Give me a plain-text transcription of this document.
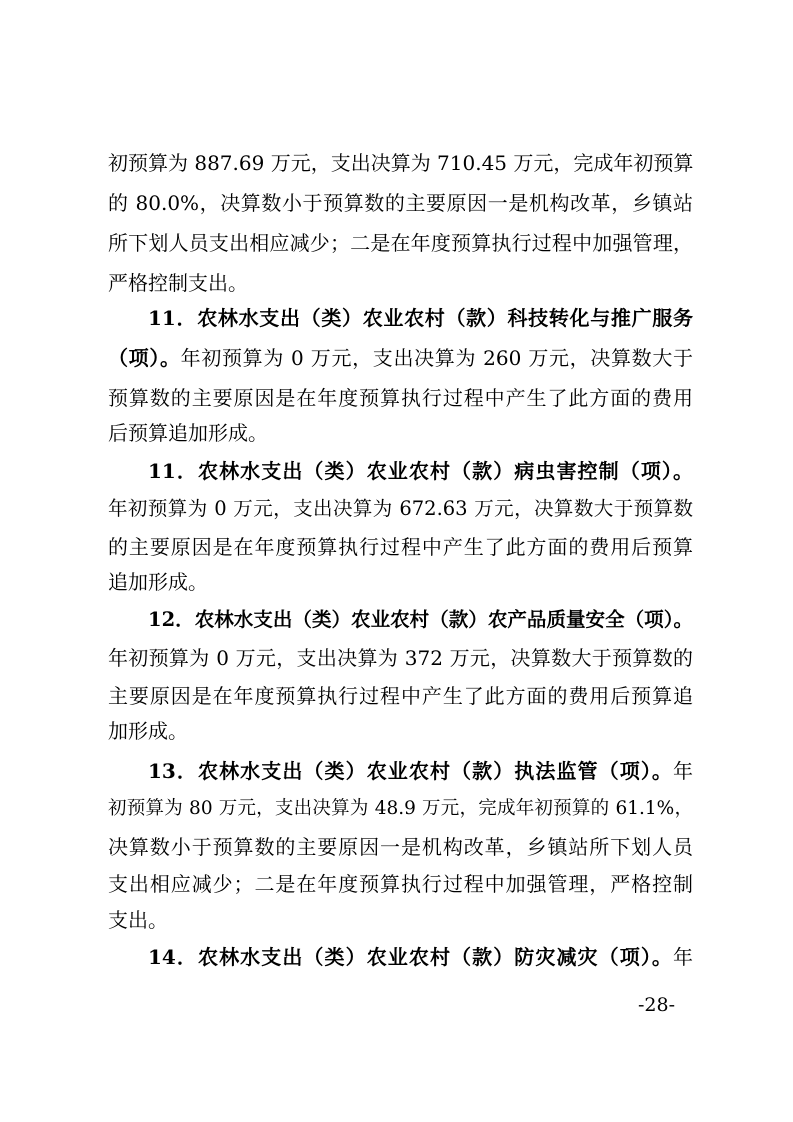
初预算为 887.69 万元，支出决算为 710.45 万元，完成年初预算
的 80.0%，决算数小于预算数的主要原因一是机构改革，乡镇站
所下划人员支出相应减少；二是在年度预算执行过程中加强管理，
严格控制支出。
11．农林水支出（类）农业农村（款）科技转化与推广服务
（项）。年初预算为 0 万元，支出决算为 260 万元，决算数大于
预算数的主要原因是在年度预算执行过程中产生了此方面的费用
后预算追加形成。
11．农林水支出（类）农业农村（款）病虫害控制（项）。
年初预算为 0 万元，支出决算为 672.63 万元，决算数大于预算数
的主要原因是在年度预算执行过程中产生了此方面的费用后预算
追加形成。
12．农林水支出（类）农业农村（款）农产品质量安全（项）。
年初预算为 0 万元，支出决算为 372 万元，决算数大于预算数的
主要原因是在年度预算执行过程中产生了此方面的费用后预算追
加形成。
13．农林水支出（类）农业农村（款）执法监管（项）。年
初预算为 80 万元，支出决算为 48.9 万元，完成年初预算的 61.1%，
决算数小于预算数的主要原因一是机构改革，乡镇站所下划人员
支出相应减少；二是在年度预算执行过程中加强管理，严格控制
支出。
14．农林水支出（类）农业农村（款）防灾减灾（项）。年
-28-
